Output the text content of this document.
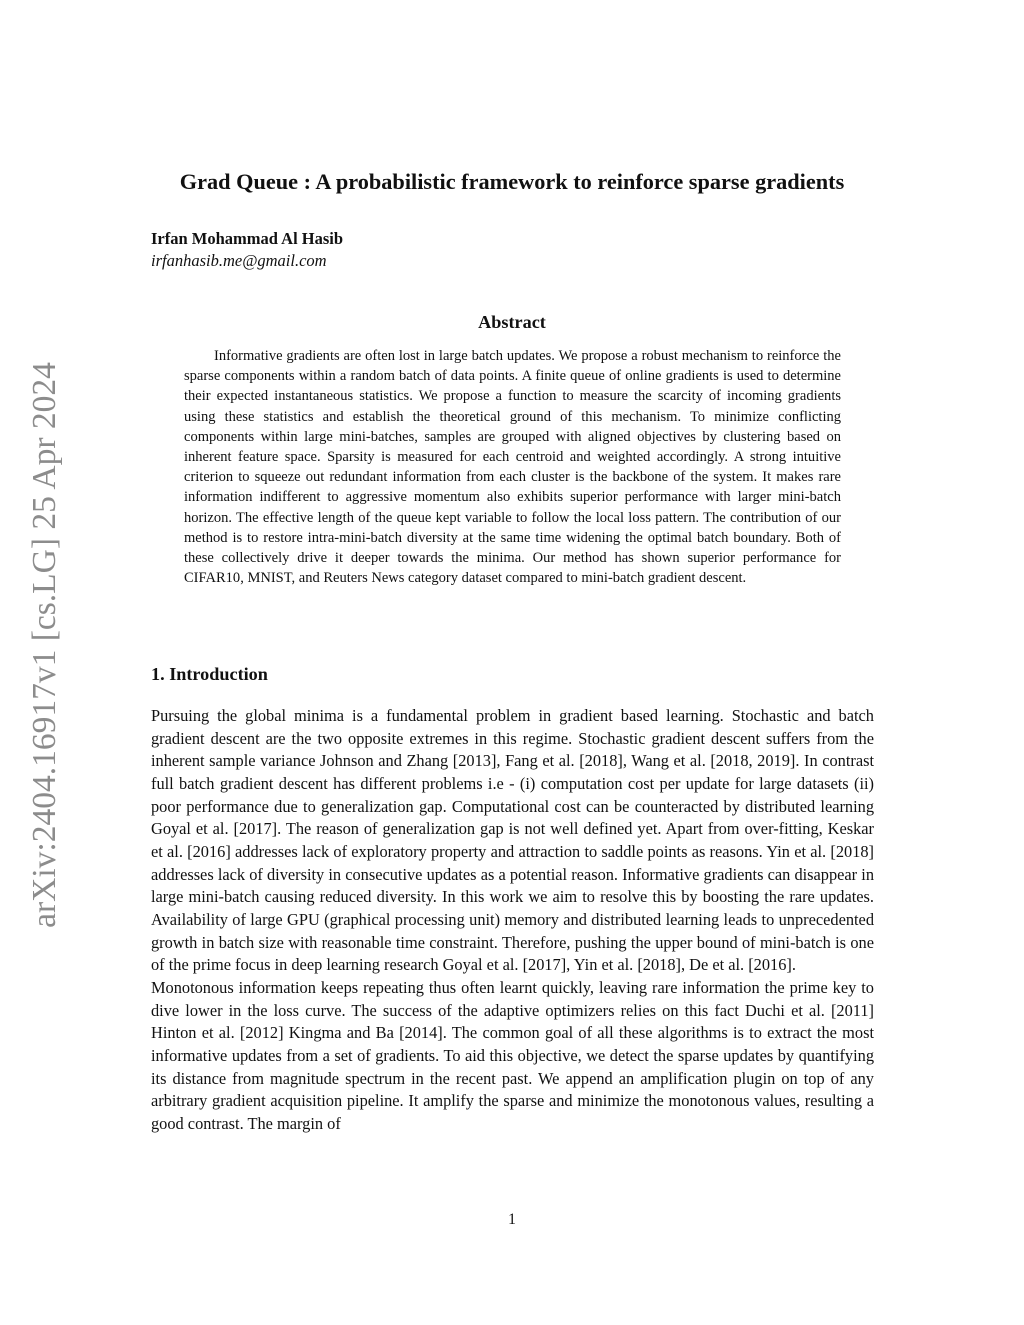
arXiv:2404.16917v1 [cs.LG] 25 Apr 2024
Grad Queue : A probabilistic framework to reinforce sparse gradients
Irfan Mohammad Al Hasib
irfanhasib.me@gmail.com
Abstract
Informative gradients are often lost in large batch updates. We propose a robust mechanism to reinforce the sparse components within a random batch of data points. A finite queue of online gradients is used to determine their expected instantaneous statistics. We propose a function to measure the scarcity of incoming gradients using these statistics and establish the theoretical ground of this mechanism. To minimize conflicting components within large mini-batches, samples are grouped with aligned objectives by clustering based on inherent feature space. Sparsity is measured for each centroid and weighted accordingly. A strong intuitive criterion to squeeze out redundant information from each cluster is the backbone of the system. It makes rare information indifferent to aggressive momentum also exhibits superior performance with larger mini-batch horizon. The effective length of the queue kept variable to follow the local loss pattern. The contribution of our method is to restore intra-mini-batch diversity at the same time widening the optimal batch boundary. Both of these collectively drive it deeper towards the minima. Our method has shown superior performance for CIFAR10, MNIST, and Reuters News category dataset compared to mini-batch gradient descent.
1. Introduction

Pursuing the global minima is a fundamental problem in gradient based learning. Stochastic and batch gradient descent are the two opposite extremes in this regime. Stochastic gradient descent suffers from the inherent sample variance Johnson and Zhang [2013], Fang et al. [2018], Wang et al. [2018, 2019]. In contrast full batch gradient descent has different problems i.e - (i) computation cost per update for large datasets (ii) poor performance due to generalization gap. Computational cost can be counteracted by distributed learning Goyal et al. [2017]. The reason of generalization gap is not well defined yet. Apart from over-fitting, Keskar et al. [2016] addresses lack of exploratory property and attraction to saddle points as reasons. Yin et al. [2018] addresses lack of diversity in consecutive updates as a potential reason. Informative gradients can disappear in large mini-batch causing reduced diversity. In this work we aim to resolve this by boosting the rare updates. Availability of large GPU (graphical processing unit) memory and distributed learning leads to unprecedented growth in batch size with reasonable time constraint. Therefore, pushing the upper bound of mini-batch is one of the prime focus in deep learning research Goyal et al. [2017], Yin et al. [2018], De et al. [2016].

Monotonous information keeps repeating thus often learnt quickly, leaving rare information the prime key to dive lower in the loss curve. The success of the adaptive optimizers relies on this fact Duchi et al. [2011] Hinton et al. [2012] Kingma and Ba [2014]. The common goal of all these algorithms is to extract the most informative updates from a set of gradients. To aid this objective, we detect the sparse updates by quantifying its distance from magnitude spectrum in the recent past. We append an amplification plugin on top of any arbitrary gradient acquisition pipeline. It amplify the sparse and minimize the monotonous values, resulting a good contrast. The margin of

1
